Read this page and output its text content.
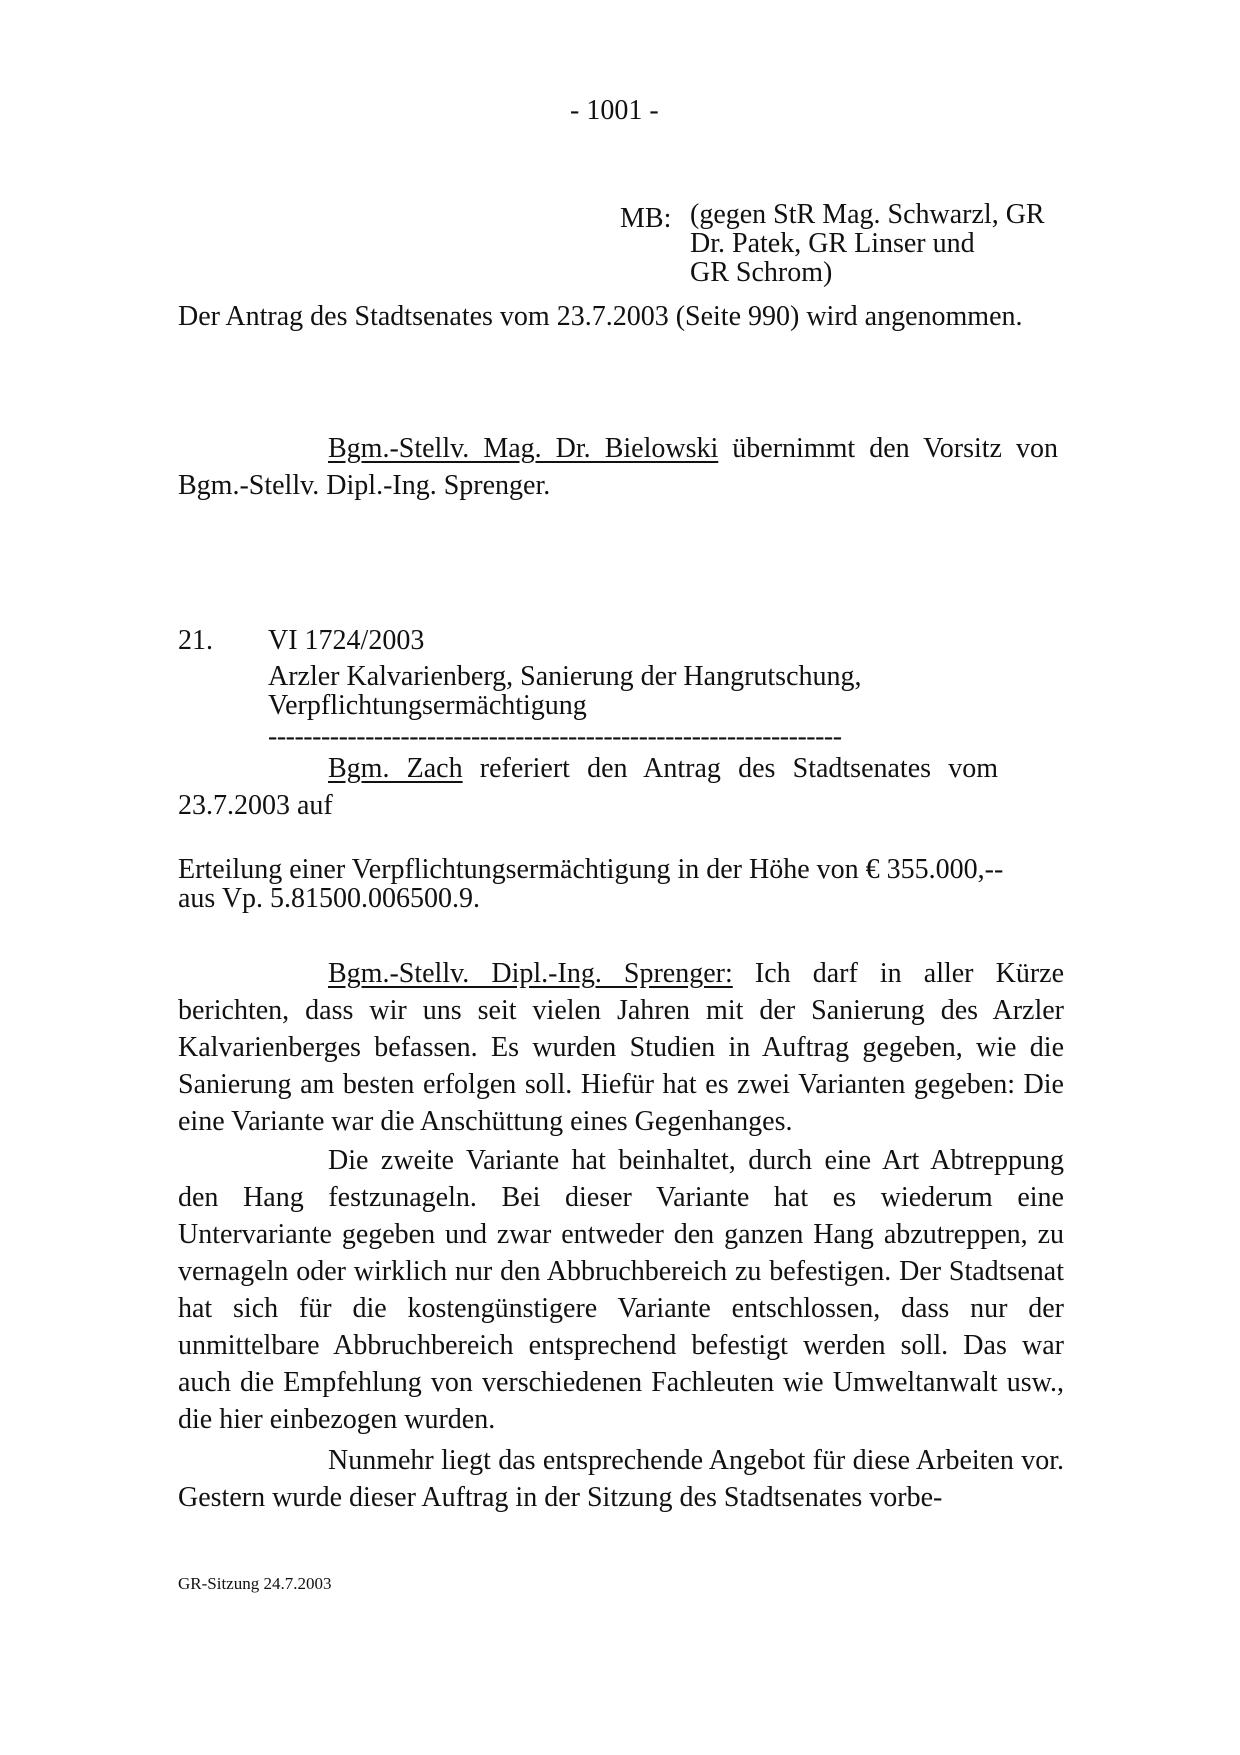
- 1001 -
MB: (gegen StR Mag. Schwarzl, GR
Dr. Patek, GR Linser und
GR Schrom)
Der Antrag des Stadtsenates vom 23.7.2003 (Seite 990) wird angenommen.
Bgm.-Stellv. Mag. Dr. Bielowski übernimmt den Vorsitz von Bgm.-Stellv. Dipl.-Ing. Sprenger.
21. VI 1724/2003
Arzler Kalvarienberg, Sanierung der Hangrutschung,
Verpflichtungsermächtigung
-----------------------------------------------------------------
Bgm. Zach referiert den Antrag des Stadtsenates vom 23.7.2003 auf
Erteilung einer Verpflichtungsermächtigung in der Höhe von € 355.000,--
aus Vp. 5.81500.006500.9.
Bgm.-Stellv. Dipl.-Ing. Sprenger: Ich darf in aller Kürze berichten, dass wir uns seit vielen Jahren mit der Sanierung des Arzler Kalvarienberges befassen. Es wurden Studien in Auftrag gegeben, wie die Sanierung am besten erfolgen soll. Hiefür hat es zwei Varianten gegeben: Die eine Variante war die Anschüttung eines Gegenhanges.
Die zweite Variante hat beinhaltet, durch eine Art Abtreppung den Hang festzunageln. Bei dieser Variante hat es wiederum eine Untervariante gegeben und zwar entweder den ganzen Hang abzutreppen, zu vernageln oder wirklich nur den Abbruchbereich zu befestigen. Der Stadtsenat hat sich für die kostengünstigere Variante entschlossen, dass nur der unmittelbare Abbruchbereich entsprechend befestigt werden soll. Das war auch die Empfehlung von verschiedenen Fachleuten wie Umweltanwalt usw., die hier einbezogen wurden.
Nunmehr liegt das entsprechende Angebot für diese Arbeiten vor. Gestern wurde dieser Auftrag in der Sitzung des Stadtsenates vorbe-
GR-Sitzung 24.7.2003
